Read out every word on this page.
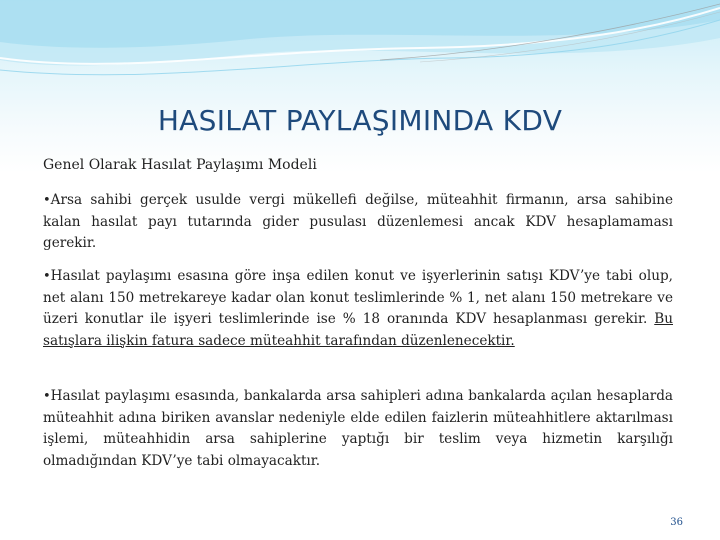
HASILAT PAYLAŞIMINDA KDV
Genel Olarak Hasılat Paylaşımı Modeli
•Arsa sahibi gerçek usulde vergi mükellefi değilse, müteahhit firmanın, arsa sahibine kalan hasılat payı tutarında gider pusulası düzenlemesi ancak KDV hesaplamaması gerekir.
•Hasılat paylaşımı esasına göre inşa edilen konut ve işyerlerinin satışı KDV’ye tabi olup, net alanı 150 metrekareye kadar olan konut teslimlerinde % 1, net alanı 150 metrekare ve üzeri konutlar ile işyeri teslimlerinde ise % 18 oranında KDV hesaplanması gerekir. Bu satışlara ilişkin fatura sadece müteahhit tarafından düzenlenecektir.
•Hasılat paylaşımı esasında, bankalarda arsa sahipleri adına bankalarda açılan hesaplarda müteahhit adına biriken avanslar nedeniyle elde edilen faizlerin müteahhitlere aktarılması işlemi, müteahhidin arsa sahiplerine yaptığı bir teslim veya hizmetin karşılığı olmadığından KDV’ye tabi olmayacaktır.
36
